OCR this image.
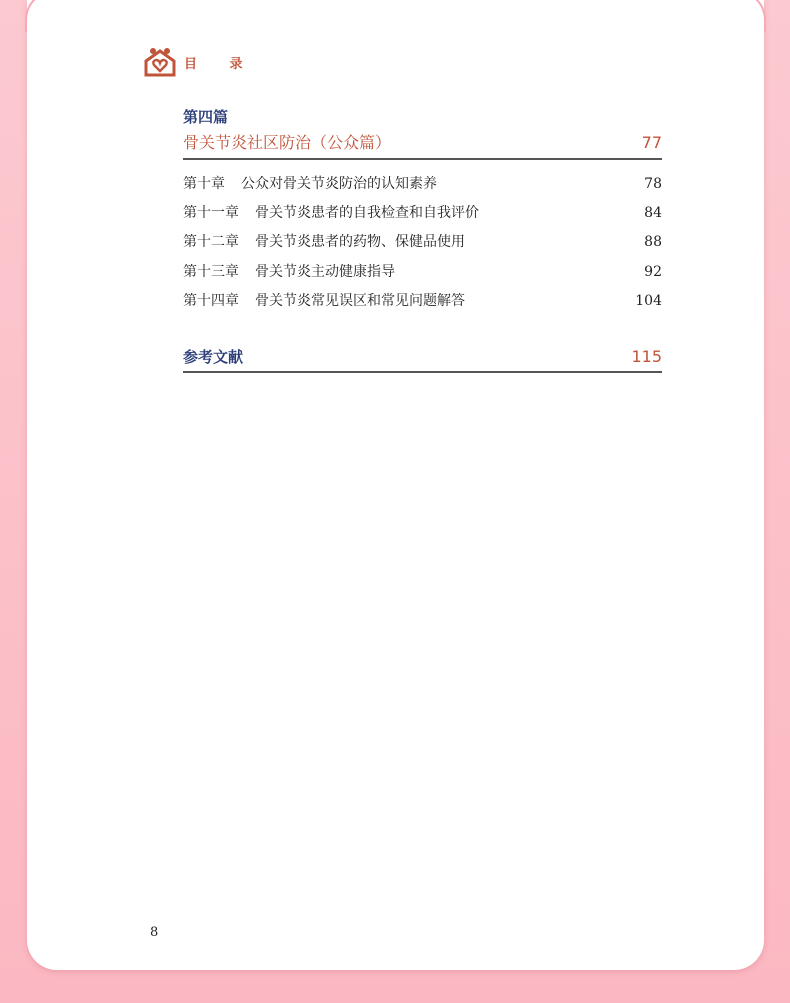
目 录
第四篇
骨关节炎社区防治（公众篇）	77
第十章 公众对骨关节炎防治的认知素养	78
第十一章 骨关节炎患者的自我检查和自我评价	84
第十二章 骨关节炎患者的药物、保健品使用	88
第十三章 骨关节炎主动健康指导	92
第十四章 骨关节炎常见误区和常见问题解答	104
参考文献	115
8
